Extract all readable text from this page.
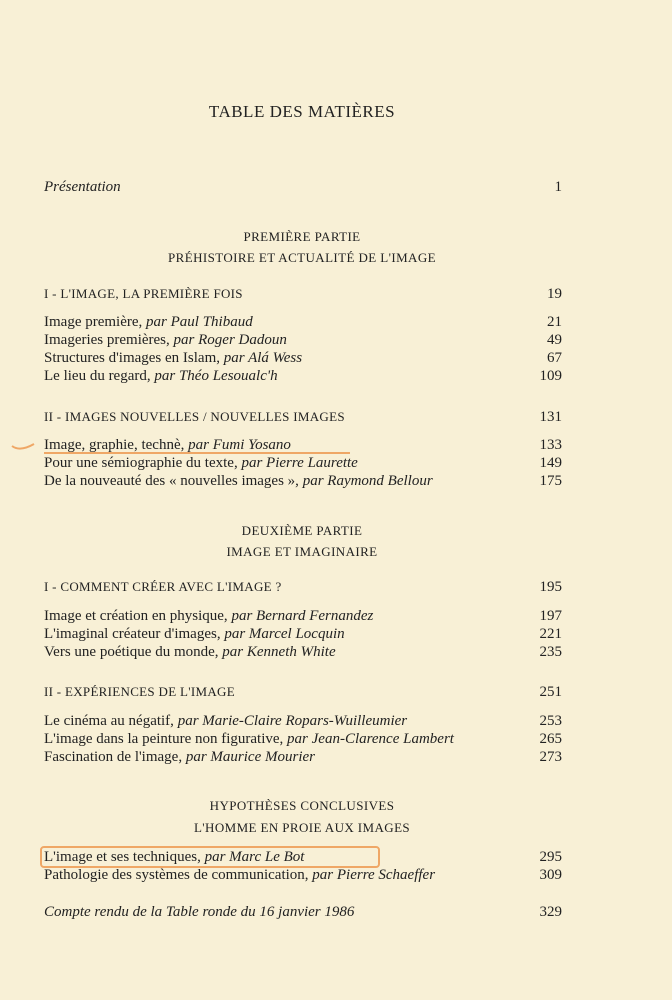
TABLE DES MATIÈRES
Présentation	1
PREMIÈRE PARTIE
PRÉHISTOIRE ET ACTUALITÉ DE L'IMAGE
I - L'IMAGE, LA PREMIÈRE FOIS	19
Image première, par Paul Thibaud	21
Imageries premières, par Roger Dadoun	49
Structures d'images en Islam, par Alá Wess	67
Le lieu du regard, par Théo Lesoualc'h	109
II - IMAGES NOUVELLES / NOUVELLES IMAGES	131
Image, graphie, technè, par Fumi Yosano	133
Pour une sémiographie du texte, par Pierre Laurette	149
De la nouveauté des « nouvelles images », par Raymond Bellour	175
DEUXIÈME PARTIE
IMAGE ET IMAGINAIRE
I - COMMENT CRÉER AVEC L'IMAGE ?	195
Image et création en physique, par Bernard Fernandez	197
L'imaginal créateur d'images, par Marcel Locquin	221
Vers une poétique du monde, par Kenneth White	235
II - EXPÉRIENCES DE L'IMAGE	251
Le cinéma au négatif, par Marie-Claire Ropars-Wuilleumier	253
L'image dans la peinture non figurative, par Jean-Clarence Lambert	265
Fascination de l'image, par Maurice Mourier	273
HYPOTHÈSES CONCLUSIVES
L'HOMME EN PROIE AUX IMAGES
L'image et ses techniques, par Marc Le Bot	295
Pathologie des systèmes de communication, par Pierre Schaeffer	309
Compte rendu de la Table ronde du 16 janvier 1986	329
